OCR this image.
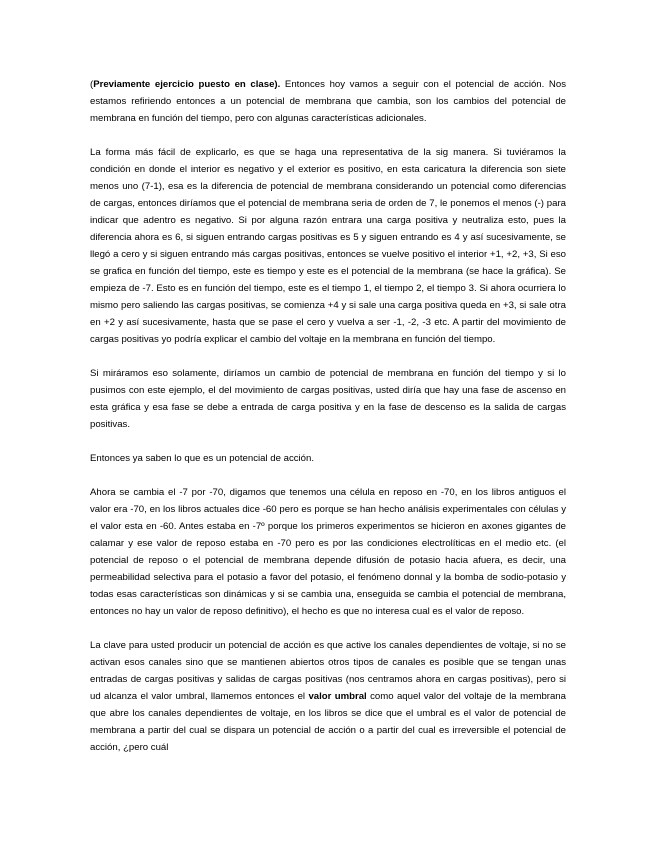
(Previamente ejercicio puesto en clase). Entonces hoy vamos a seguir con el potencial de acción. Nos estamos refiriendo entonces a un potencial de membrana que cambia, son los cambios del potencial de membrana en función del tiempo, pero con algunas características adicionales.

La forma más fácil de explicarlo, es que se haga una representativa de la sig manera. Si tuviéramos la condición en donde el interior es negativo y el exterior es positivo, en esta caricatura la diferencia son siete menos uno (7-1), esa es la diferencia de potencial de membrana considerando un potencial como diferencias de cargas, entonces diríamos que el potencial de membrana seria de orden de 7, le ponemos el menos (-) para indicar que adentro es negativo. Si por alguna razón entrara una carga positiva y neutraliza esto, pues la diferencia ahora es 6, si siguen entrando cargas positivas es 5 y siguen entrando es 4 y así sucesivamente, se llegó a cero y si siguen entrando más cargas positivas, entonces se vuelve positivo el interior +1, +2, +3, Si eso se grafica en función del tiempo, este es tiempo y este es el potencial de la membrana (se hace la gráfica). Se empieza de -7. Esto es en función del tiempo, este es el tiempo 1, el tiempo 2, el tiempo 3. Si ahora ocurriera lo mismo pero saliendo las cargas positivas, se comienza +4 y si sale una carga positiva queda en +3, si sale otra en +2 y así sucesivamente, hasta que se pase el cero y vuelva a ser -1, -2, -3 etc. A partir del movimiento de cargas positivas yo podría explicar el cambio del voltaje en la membrana en función del tiempo.

Si miráramos eso solamente, diríamos un cambio de potencial de membrana en función del tiempo y si lo pusimos con este ejemplo, el del movimiento de cargas positivas, usted diría que hay una fase de ascenso en esta gráfica y esa fase se debe a entrada de carga positiva y en la fase de descenso es la salida de cargas positivas.

Entonces ya saben lo que es un potencial de acción.

Ahora se cambia el -7 por -70, digamos que tenemos una célula en reposo en -70, en los libros antiguos el valor era -70, en los libros actuales dice -60 pero es porque se han hecho análisis experimentales con células y el valor esta en -60. Antes estaba en -7º porque los primeros experimentos se hicieron en axones gigantes de calamar y ese valor de reposo estaba en -70 pero es por las condiciones electrolíticas en el medio etc. (el potencial de reposo o el potencial de membrana depende difusión de potasio hacia afuera, es decir, una permeabilidad selectiva para el potasio a favor del potasio, el fenómeno donnal y la bomba de sodio-potasio y todas esas características son dinámicas y si se cambia una, enseguida se cambia el potencial de membrana, entonces no hay un valor de reposo definitivo), el hecho es que no interesa cual es el valor de reposo.

La clave para usted producir un potencial de acción es que active los canales dependientes de voltaje, si no se activan esos canales sino que se mantienen abiertos otros tipos de canales es posible que se tengan unas entradas de cargas positivas y salidas de cargas positivas (nos centramos ahora en cargas positivas), pero si ud alcanza el valor umbral, llamemos entonces el valor umbral como aquel valor del voltaje de la membrana que abre los canales dependientes de voltaje, en los libros se dice que el umbral es el valor de potencial de membrana a partir del cual se dispara un potencial de acción o a partir del cual es irreversible el potencial de acción, ¿pero cuál
